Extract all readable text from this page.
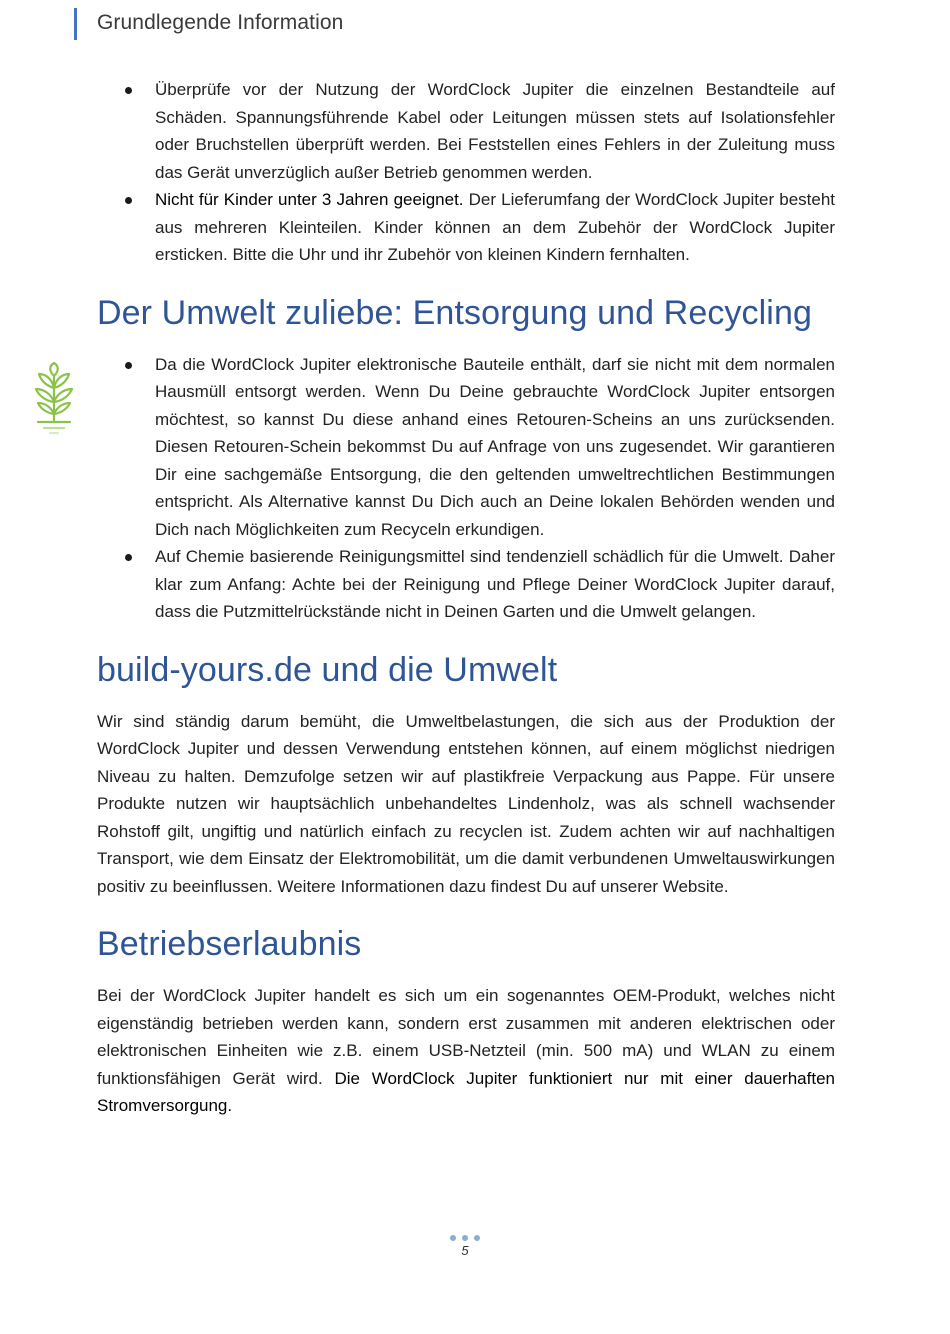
Grundlegende Information
Überprüfe vor der Nutzung der WordClock Jupiter die einzelnen Bestandteile auf Schäden. Spannungsführende Kabel oder Leitungen müssen stets auf Isolationsfehler oder Bruchstellen überprüft werden. Bei Feststellen eines Fehlers in der Zuleitung muss das Gerät unverzüglich außer Betrieb genommen werden.
Nicht für Kinder unter 3 Jahren geeignet. Der Lieferumfang der WordClock Jupiter besteht aus mehreren Kleinteilen. Kinder können an dem Zubehör der WordClock Jupiter ersticken. Bitte die Uhr und ihr Zubehör von kleinen Kindern fernhalten.
Der Umwelt zuliebe: Entsorgung und Recycling
Da die WordClock Jupiter elektronische Bauteile enthält, darf sie nicht mit dem normalen Hausmüll entsorgt werden. Wenn Du Deine gebrauchte WordClock Jupiter entsorgen möchtest, so kannst Du diese anhand eines Retouren-Scheins an uns zurücksenden. Diesen Retouren-Schein bekommst Du auf Anfrage von uns zugesendet. Wir garantieren Dir eine sachgemäße Entsorgung, die den geltenden umweltrechtlichen Bestimmungen entspricht. Als Alternative kannst Du Dich auch an Deine lokalen Behörden wenden und Dich nach Möglichkeiten zum Recyceln erkundigen.
Auf Chemie basierende Reinigungsmittel sind tendenziell schädlich für die Umwelt. Daher klar zum Anfang: Achte bei der Reinigung und Pflege Deiner WordClock Jupiter darauf, dass die Putzmittelrückstände nicht in Deinen Garten und die Umwelt gelangen.
build-yours.de und die Umwelt

Wir sind ständig darum bemüht, die Umweltbelastungen, die sich aus der Produktion der WordClock Jupiter und dessen Verwendung entstehen können, auf einem möglichst niedrigen Niveau zu halten. Demzufolge setzen wir auf plastikfreie Verpackung aus Pappe. Für unsere Produkte nutzen wir hauptsächlich unbehandeltes Lindenholz, was als schnell wachsender Rohstoff gilt, ungiftig und natürlich einfach zu recyclen ist. Zudem achten wir auf nachhaltigen Transport, wie dem Einsatz der Elektromobilität, um die damit verbundenen Umweltauswirkungen positiv zu beeinflussen. Weitere Informationen dazu findest Du auf unserer Website.

Betriebserlaubnis

Bei der WordClock Jupiter handelt es sich um ein sogenanntes OEM-Produkt, welches nicht eigenständig betrieben werden kann, sondern erst zusammen mit anderen elektrischen oder elektronischen Einheiten wie z.B. einem USB-Netzteil (min. 500 mA) und WLAN zu einem funktionsfähigen Gerät wird. Die WordClock Jupiter funktioniert nur mit einer dauerhaften Stromversorgung.

5
